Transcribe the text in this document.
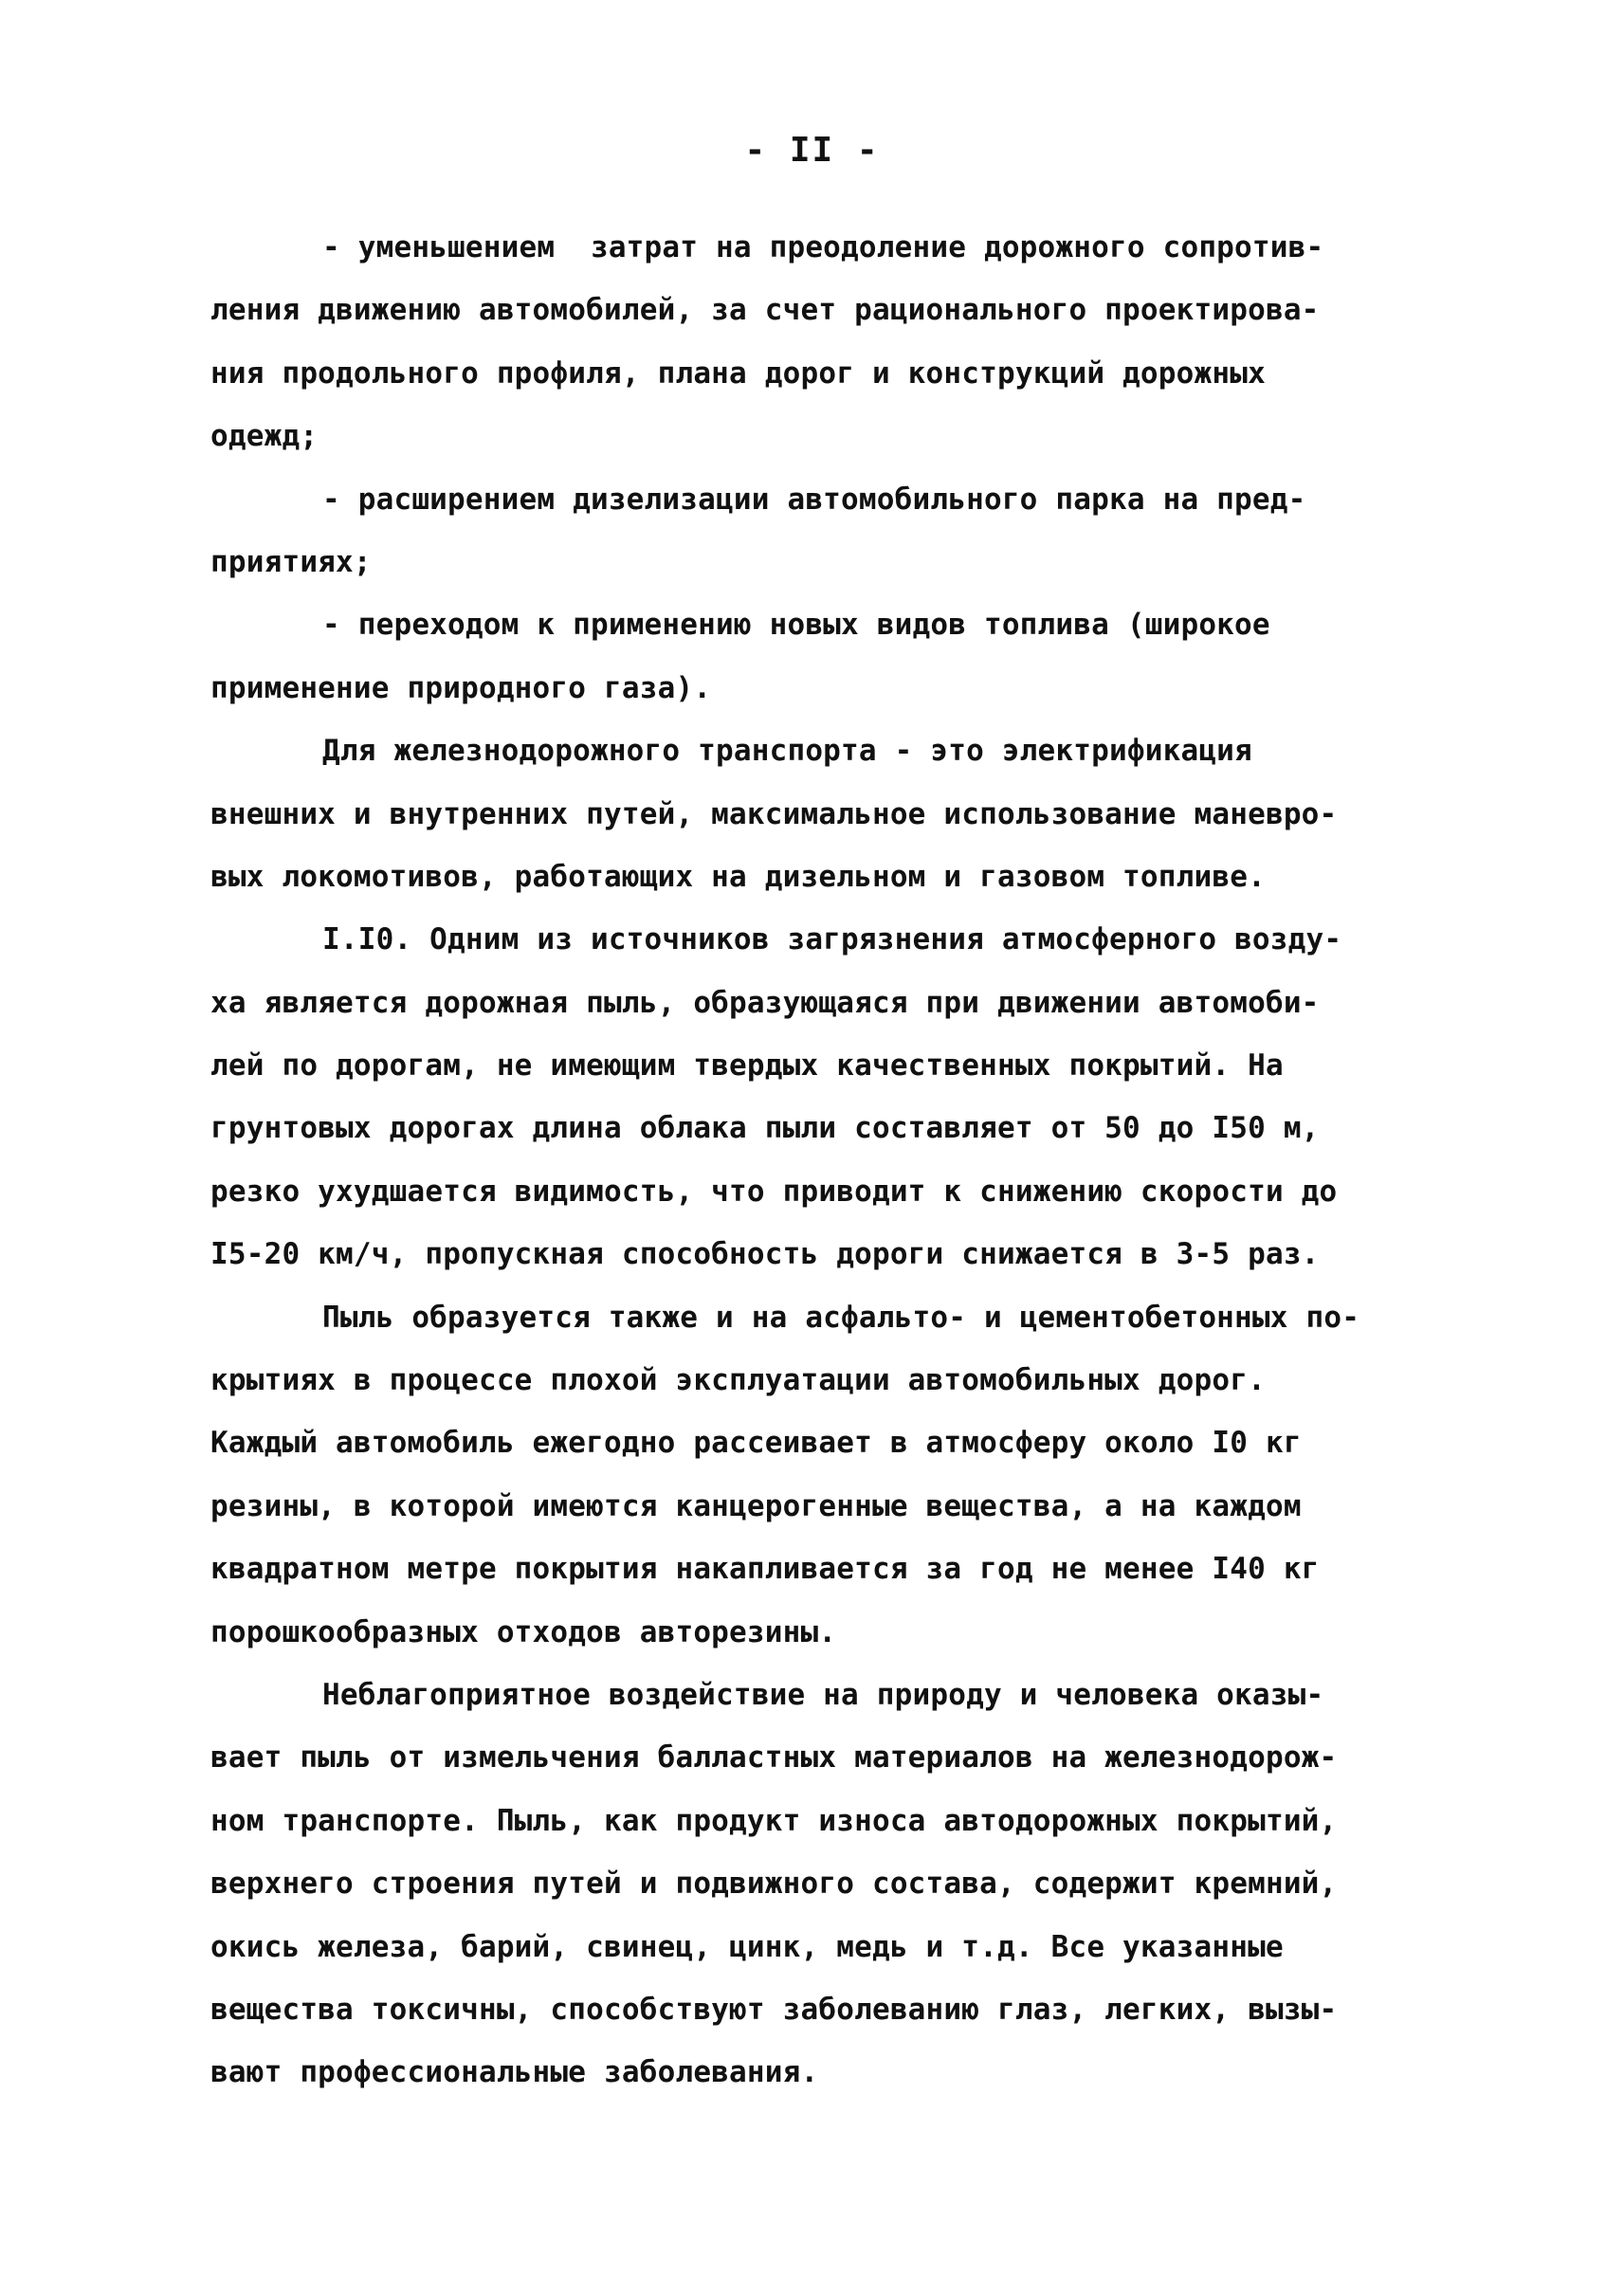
- II -
- уменьшением  затрат на преодоление дорожного сопротив-
ления движению автомобилей, за счет рационального проектирова-
ния продольного профиля, плана дорог и конструкций дорожных
одежд;
- расширением дизелизации автомобильного парка на пред-
приятиях;
- переходом к применению новых видов топлива (широкое
применение природного газа).
Для железнодорожного транспорта - это электрификация
внешних и внутренних путей, максимальное использование маневро-
вых локомотивов, работающих на дизельном и газовом топливе.
I.I0. Одним из источников загрязнения атмосферного возду-
ха является дорожная пыль, образующаяся при движении автомоби-
лей по дорогам, не имеющим твердых качественных покрытий. На
грунтовых дорогах длина облака пыли составляет от 50 до I50 м,
резко ухудшается видимость, что приводит к снижению скорости до
I5-20 км/ч, пропускная способность дороги снижается в 3-5 раз.
Пыль образуется также и на асфальто- и цементобетонных по-
крытиях в процессе плохой эксплуатации автомобильных дорог.
Каждый автомобиль ежегодно рассеивает в атмосферу около I0 кг
резины, в которой имеются канцерогенные вещества, а на каждом
квадратном метре покрытия накапливается за год не менее I40 кг
порошкообразных отходов авторезины.
Неблагоприятное воздействие на природу и человека оказы-
вает пыль от измельчения балластных материалов на железнодорож-
ном транспорте. Пыль, как продукт износа автодорожных покрытий,
верхнего строения путей и подвижного состава, содержит кремний,
окись железа, барий, свинец, цинк, медь и т.д. Все указанные
вещества токсичны, способствуют заболеванию глаз, легких, вызы-
вают профессиональные заболевания.
